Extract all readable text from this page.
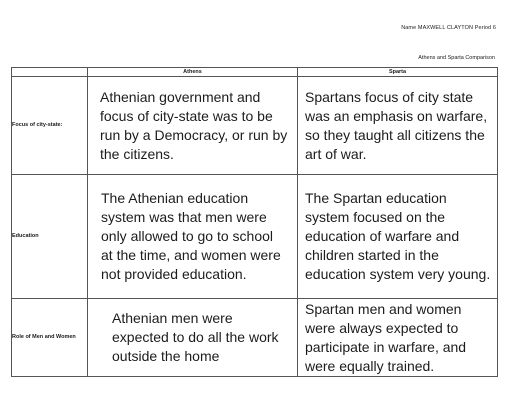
Name MAXWELL CLAYTON Period 6
Athens and Sparta Comparison
	Athens	Sparta
Focus of city-state:	Athenian government and focus of city-state was to be run by a Democracy, or run by the citizens.	Spartans focus of city state was an emphasis on warfare, so they taught all citizens the art of war.
Education	The Athenian education system was that men were only allowed to go to school at the time, and women were not provided education.	The Spartan education system focused on the education of warfare and children started in the education system very young.
Role of Men and Women	Athenian men were expected to do all the work outside the home	Spartan men and women were always expected to participate in warfare, and were equally trained.
